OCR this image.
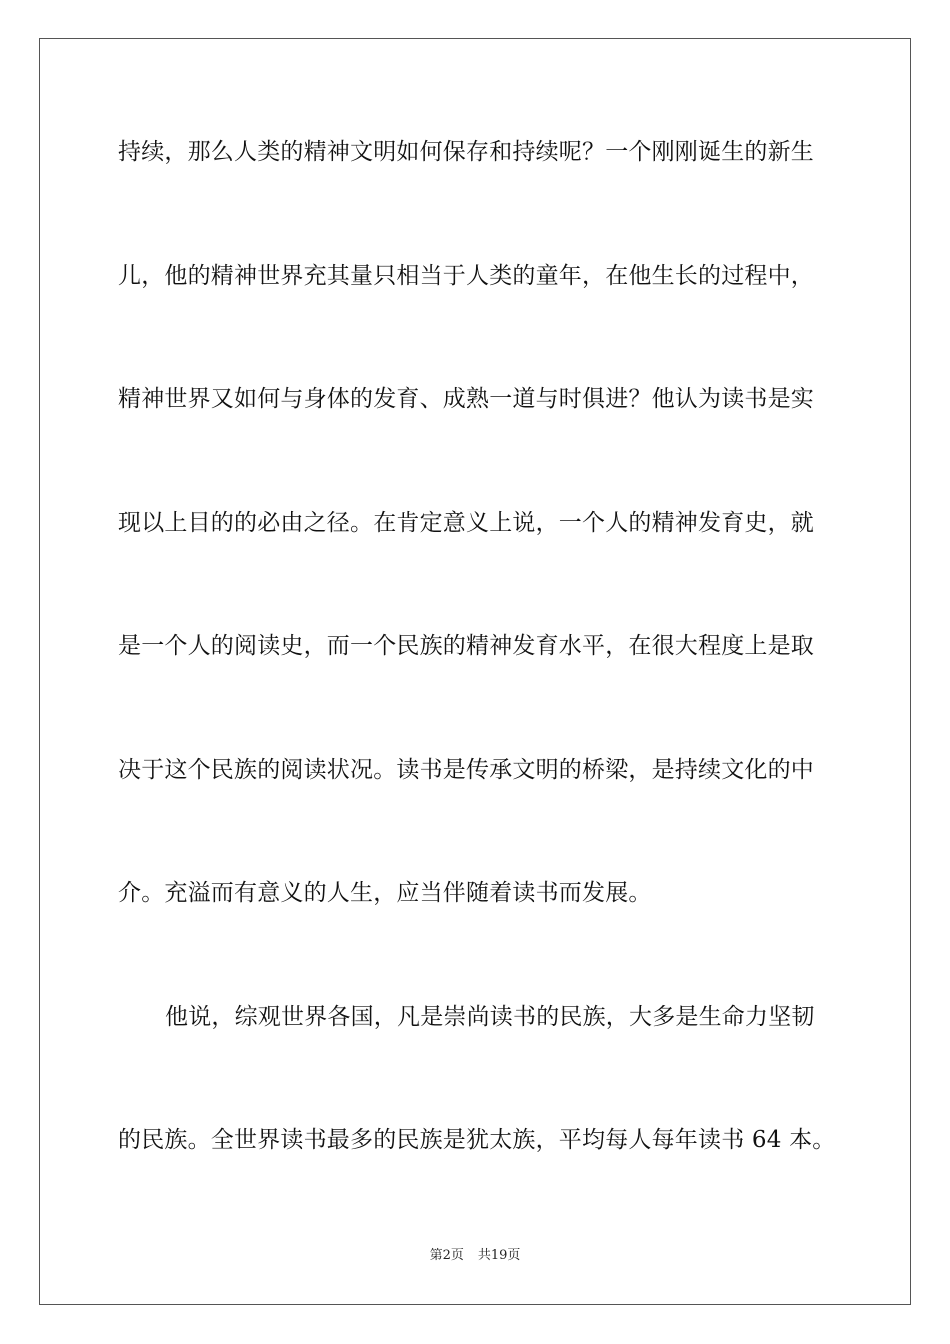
持续，那么人类的精神文明如何保存和持续呢？一个刚刚诞生的新生
儿，他的精神世界充其量只相当于人类的童年，在他生长的过程中，
精神世界又如何与身体的发育、成熟一道与时俱进？他认为读书是实
现以上目的的必由之径。在肯定意义上说，一个人的精神发育史，就
是一个人的阅读史，而一个民族的精神发育水平，在很大程度上是取
决于这个民族的阅读状况。读书是传承文明的桥梁，是持续文化的中
介。充溢而有意义的人生，应当伴随着读书而发展。
他说，综观世界各国，凡是崇尚读书的民族，大多是生命力坚韧
的民族。全世界读书最多的民族是犹太族，平均每人每年读书 64 本。
第2页 共19页
